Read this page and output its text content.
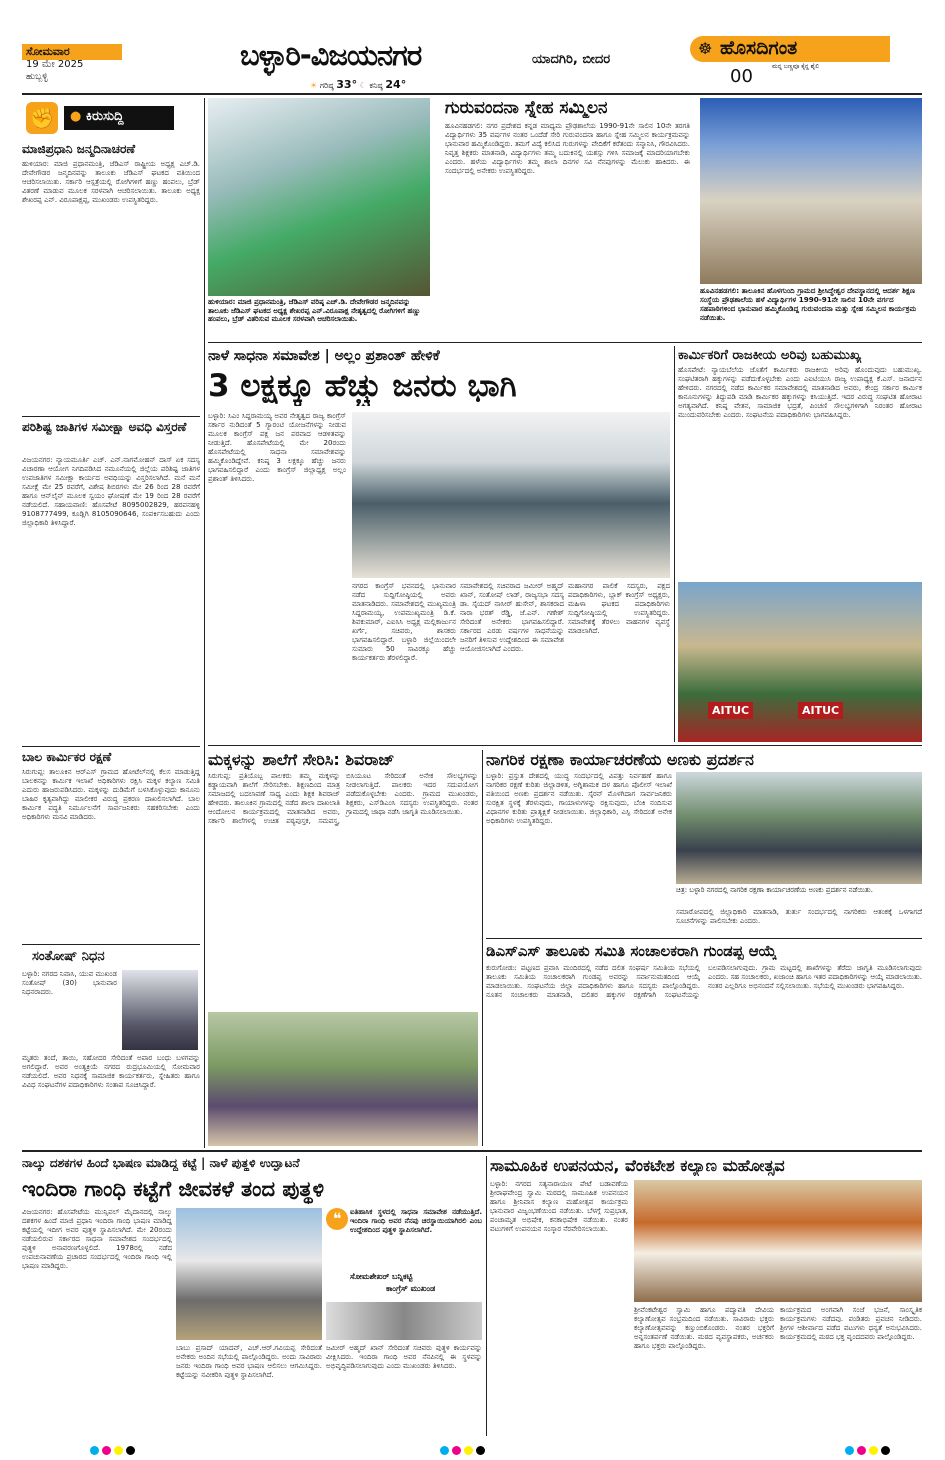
ಸೋಮವಾರ
19 ಮೇ 2025
ಹುಬ್ಬಳ್ಳಿ
ಬಳ್ಳಾರಿ-ವಿಜಯನಗರ	ಯಾದಗಿರಿ, ಬೀದರ
☀ ಗರಿಷ್ಠ 33° ☾ ಕನಿಷ್ಠ 24°
☸ ಹೊಸದಿಗಂತ
ಮನ್ನ ಬಣ್ಣವೂ ಕೈನ್ದ ಶೈಲಿ
00
✊	● ಕಿರುಸುದ್ದಿ
ಮಾಜಿಪ್ರಧಾನಿ ಜನ್ಮದಿನಾಚರಣೆ
ಹುಳಿಯಾರ: ಮಾಜಿ ಪ್ರಧಾನಮಂತ್ರಿ, ಜೆಡಿಎಸ್ ರಾಷ್ಟ್ರೀಯ ಅಧ್ಯಕ್ಷ ಎಚ್.ಡಿ. ದೇವೇಗೌಡರ ಜನ್ಮದಿನವನ್ನು ತಾಲೂಕು ಜೆಡಿಎಸ್ ಘಟಕದ ವತಿಯಿಂದ ಆಚರಿಸಲಾಯಿತು. ಸರ್ಕಾರಿ ಆಸ್ಪತ್ರೆಯಲ್ಲಿ ರೋಗಿಗಳಿಗೆ ಹಣ್ಣು ಹಂಪಲು, ಬ್ರೆಡ್ ವಿತರಣೆ ಮಾಡುವ ಮೂಲಕ ಸರಳವಾಗಿ ಆಚರಿಸಲಾಯಿತು. ತಾಲೂಕು ಅಧ್ಯಕ್ಷ ಶೇಖರಪ್ಪ ಎನ್. ವಿರೂಪಾಕ್ಷಪ್ಪ, ಮುಖಂಡರು ಉಪಸ್ಥಿತರಿದ್ದರು.
ಪರಿಶಿಷ್ಟ ಜಾತಿಗಳ ಸಮೀಕ್ಷಾ ಅವಧಿ ವಿಸ್ತರಣೆ
ವಿಜಯನಗರ: ನ್ಯಾಯಮೂರ್ತಿ ಎಚ್. ಎನ್.ನಾಗಮೋಹನ್ ದಾಸ್ ಏಕ ಸದಸ್ಯ ವಿಚಾರಣಾ ಆಯೋಗ ನಿಗದಿಪಡಿಸಿದ ನಮೂನೆಯಲ್ಲಿ ಜಿಲ್ಲೆಯ ಪರಿಶಿಷ್ಟ ಜಾತಿಗಳ ಉಪಜಾತಿಗಳ ಸಮೀಕ್ಷಾ ಕಾರ್ಯದ ಅವಧಿಯನ್ನು ವಿಸ್ತರಿಸಲಾಗಿದೆ. ಮನೆ ಮನೆ ಸಮೀಕ್ಷೆ ಮೇ 25 ರವರೆಗೆ, ವಿಶೇಷ ಶಿಬಿರಗಳು ಮೇ 26 ರಿಂದ 28 ರವರೆಗೆ ಹಾಗೂ ಆನ್‌ಲೈನ್ ಮೂಲಕ ಸ್ವಯಂ ಘೋಷಣೆ ಮೇ 19 ರಿಂದ 28 ರವರೆಗೆ ನಡೆಯಲಿದೆ. ಸಹಾಯವಾಣಿ: ಹೊಸಪೇಟೆ 8095002829, ಹರಪನಹಳ್ಳಿ 9108777499, ಕೂಡ್ಲಿಗಿ 8105090646, ಸಂಪರ್ಕಿಸಬಹುದು ಎಂದು ಜಿಲ್ಲಾಧಿಕಾರಿ ತಿಳಿಸಿದ್ದಾರೆ.
ಬಾಲ ಕಾರ್ಮಿಕರ ರಕ್ಷಣೆ
ಸಿರುಗುಪ್ಪ: ತಾಲೂಕಿನ ಆರ್‌ಎಸ್ ಗ್ರಾಮದ ಹೋಟೆಲ್‌ನಲ್ಲಿ ಕೆಲಸ ಮಾಡುತ್ತಿದ್ದ ಬಾಲಕನನ್ನು ಕಾರ್ಮಿಕ ಇಲಾಖೆ ಅಧಿಕಾರಿಗಳು ರಕ್ಷಿಸಿ ಮಕ್ಕಳ ಕಲ್ಯಾಣ ಸಮಿತಿ ಎದುರು ಹಾಜರುಪಡಿಸಿದರು. ಮಕ್ಕಳನ್ನು ದುಡಿಮೆಗೆ ಬಳಸಿಕೊಳ್ಳುವುದು ಕಾನೂನು ಬಾಹಿರ ಕೃತ್ಯವಾಗಿದ್ದು ಮಾಲೀಕರ ವಿರುದ್ಧ ಪ್ರಕರಣ ದಾಖಲಿಸಲಾಗಿದೆ. ಬಾಲ ಕಾರ್ಮಿಕ ಪದ್ಧತಿ ನಿರ್ಮೂಲನೆಗೆ ಸಾರ್ವಜನಿಕರು ಸಹಕರಿಸಬೇಕು ಎಂದು ಅಧಿಕಾರಿಗಳು ಮನವಿ ಮಾಡಿದರು.
ಸಂತೋಷ್ ನಿಧನ
ಬಳ್ಳಾರಿ: ನಗರದ ನಿವಾಸಿ, ಯುವ ಮುಖಂಡ ಸಂತೋಷ್ (30) ಭಾನುವಾರ ನಿಧನರಾದರು.
ಮೃತರು ತಂದೆ, ತಾಯಿ, ಸಹೋದರ ಸೇರಿದಂತೆ ಅಪಾರ ಬಂಧು ಬಳಗವನ್ನು ಅಗಲಿದ್ದಾರೆ. ಅವರ ಅಂತ್ಯಕ್ರಿಯೆ ನಗರದ ರುದ್ರಭೂಮಿಯಲ್ಲಿ ಸೋಮವಾರ ನಡೆಯಲಿದೆ. ಅವರ ನಿಧನಕ್ಕೆ ಸಾಮಾಜಿಕ ಕಾರ್ಯಕರ್ತರು, ಸ್ನೇಹಿತರು ಹಾಗೂ ವಿವಿಧ ಸಂಘಟನೆಗಳ ಪದಾಧಿಕಾರಿಗಳು ಸಂತಾಪ ಸೂಚಿಸಿದ್ದಾರೆ.
ಹುಳಿಯಾರ: ಮಾಜಿ ಪ್ರಧಾನಮಂತ್ರಿ, ಜೆಡಿಎಸ್ ವರಿಷ್ಠ ಎಚ್.ಡಿ. ದೇವೇಗೌಡರ ಜನ್ಮದಿನವನ್ನು ತಾಲೂಕು ಜೆಡಿಎಸ್ ಘಟಕದ ಅಧ್ಯಕ್ಷ ಶೇಖರಪ್ಪ ಎನ್.ವಿರೂಪಾಕ್ಷ ನೇತೃತ್ವದಲ್ಲಿ ರೋಗಿಗಳಿಗೆ ಹಣ್ಣು ಹಂಪಲು, ಬ್ರೆಡ್ ವಿತರಿಸುವ ಮೂಲಕ ಸರಳವಾಗಿ ಆಚರಿಸಲಾಯಿತು.
ಗುರುವಂದನಾ ಸ್ನೇಹ ಸಮ್ಮಿಲನ
ಹೂವಿನಹಡಗಲಿ: ನಗರ ಪ್ರದೇಶದ ಕನ್ನಡ ಮಾಧ್ಯಮ ಪ್ರೌಢಶಾಲೆಯ 1990-91ನೇ ಸಾಲಿನ 10ನೇ ತರಗತಿ ವಿದ್ಯಾರ್ಥಿಗಳು 35 ವರ್ಷಗಳ ನಂತರ ಒಂದೆಡೆ ಸೇರಿ ಗುರುವಂದನಾ ಹಾಗೂ ಸ್ನೇಹ ಸಮ್ಮಿಲನ ಕಾರ್ಯಕ್ರಮವನ್ನು ಭಾನುವಾರ ಹಮ್ಮಿಕೊಂಡಿದ್ದರು. ತಮಗೆ ವಿದ್ಯೆ ಕಲಿಸಿದ ಗುರುಗಳನ್ನು ವೇದಿಕೆಗೆ ಕರೆತಂದು ಸನ್ಮಾನಿಸಿ, ಗೌರವಿಸಿದರು. ನಿವೃತ್ತ ಶಿಕ್ಷಕರು ಮಾತನಾಡಿ, ವಿದ್ಯಾರ್ಥಿಗಳು ತಮ್ಮ ಬದುಕಿನಲ್ಲಿ ಯಶಸ್ಸು ಗಳಿಸಿ ಸಮಾಜಕ್ಕೆ ಮಾದರಿಯಾಗಬೇಕು ಎಂದರು. ಹಳೆಯ ವಿದ್ಯಾರ್ಥಿಗಳು ತಮ್ಮ ಶಾಲಾ ದಿನಗಳ ಸವಿ ನೆನಪುಗಳನ್ನು ಮೆಲುಕು ಹಾಕಿದರು. ಈ ಸಂದರ್ಭದಲ್ಲಿ ಅನೇಕರು ಉಪಸ್ಥಿತರಿದ್ದರು.
ಹೂವಿನಹಡಗಲಿ: ತಾಲೂಕಿನ ಹೊಳಗುಂದಿ ಗ್ರಾಮದ ಶ್ರೀಸಿದ್ಧೇಶ್ವರ ದೇವಸ್ಥಾನದಲ್ಲಿ ಆದರ್ಶ ಶಿಕ್ಷಣ ಸಂಸ್ಥೆಯ ಪ್ರೌಢಶಾಲೆಯ ಹಳೆ ವಿದ್ಯಾರ್ಥಿಗಳ 1990-91ನೇ ಸಾಲಿನ 10ನೇ ವರ್ಗದ ಸಹಪಾಠಿಗಳಿಂದ ಭಾನುವಾರ ಹಮ್ಮಿಕೊಂಡಿದ್ದ ಗುರುವಂದನಾ ಮತ್ತು ಸ್ನೇಹ ಸಮ್ಮಿಲನ ಕಾರ್ಯಕ್ರಮ ನಡೆಯಿತು.
ನಾಳೆ ಸಾಧನಾ ಸಮಾವೇಶ | ಅಲ್ಲಂ ಪ್ರಶಾಂತ್ ಹೇಳಿಕೆ
3 ಲಕ್ಷಕ್ಕೂ ಹೆಚ್ಚು ಜನರು ಭಾಗಿ
ಬಳ್ಳಾರಿ: ಸಿಎಂ ಸಿದ್ದರಾಮಯ್ಯ ಅವರ ನೇತೃತ್ವದ ರಾಜ್ಯ ಕಾಂಗ್ರೆಸ್ ಸರ್ಕಾರ ನುಡಿದಂತೆ 5 ಗ್ಯಾರಂಟಿ ಯೋಜನೆಗಳನ್ನು ನೀಡುವ ಮೂಲಕ ಕಾಂಗ್ರೆಸ್ ಪಕ್ಷ ಜನ ಪರವಾದ ಆಡಳಿತವನ್ನು ನೀಡುತ್ತಿದೆ. ಹೊಸಪೇಟೆಯಲ್ಲಿ ಮೇ 20ರಂದು ಹೊಸಪೇಟೆಯಲ್ಲಿ ಸಾಧನಾ ಸಮಾವೇಶವನ್ನು ಹಮ್ಮಿಕೊಂಡಿದ್ದೇವೆ. ಕನಿಷ್ಠ 3 ಲಕ್ಷಕ್ಕೂ ಹೆಚ್ಚು ಜನರು ಭಾಗವಹಿಸಲಿದ್ದಾರೆ ಎಂದು ಕಾಂಗ್ರೆಸ್ ಜಿಲ್ಲಾಧ್ಯಕ್ಷ ಅಲ್ಲಂ ಪ್ರಶಾಂತ್ ತಿಳಿಸಿದರು.
ನಗರದ ಕಾಂಗ್ರೆಸ್ ಭವನದಲ್ಲಿ ಭಾನುವಾರ ನಡೆದ ಸುದ್ದಿಗೋಷ್ಠಿಯಲ್ಲಿ ಅವರು ಮಾತನಾಡಿದರು. ಸಮಾವೇಶದಲ್ಲಿ ಮುಖ್ಯಮಂತ್ರಿ ಸಿದ್ದರಾಮಯ್ಯ, ಉಪಮುಖ್ಯಮಂತ್ರಿ ಡಿ.ಕೆ. ಶಿವಕುಮಾರ್, ಎಐಸಿಸಿ ಅಧ್ಯಕ್ಷ ಮಲ್ಲಿಕಾರ್ಜುನ ಖರ್ಗೆ, ಸಚಿವರು, ಶಾಸಕರು ಭಾಗವಹಿಸಲಿದ್ದಾರೆ. ಬಳ್ಳಾರಿ ಜಿಲ್ಲೆಯಿಂದಲೇ ಸುಮಾರು 50 ಸಾವಿರಕ್ಕೂ ಹೆಚ್ಚು ಕಾರ್ಯಕರ್ತರು ತೆರಳಲಿದ್ದಾರೆ.
ಸಮಾವೇಶದಲ್ಲಿ ಸಚಿವರಾದ ಜಮೀರ್ ಅಹ್ಮದ್ ಖಾನ್, ಸಂತೋಷ್ ಲಾಡ್, ರಾಜ್ಯಸಭಾ ಸದಸ್ಯ ಡಾ. ಸೈಯದ್ ನಾಸೀರ್ ಹುಸೇನ್, ಶಾಸಕರಾದ ನಾರಾ ಭರತ್ ರೆಡ್ಡಿ, ಜೆ.ಎನ್. ಗಣೇಶ್ ಸೇರಿದಂತೆ ಅನೇಕರು ಭಾಗವಹಿಸಲಿದ್ದಾರೆ. ಸರ್ಕಾರದ ಎರಡು ವರ್ಷಗಳ ಸಾಧನೆಯನ್ನು ಜನರಿಗೆ ತಿಳಿಸುವ ಉದ್ದೇಶದಿಂದ ಈ ಸಮಾವೇಶ ಆಯೋಜಿಸಲಾಗಿದೆ ಎಂದರು.
ಮಹಾನಗರ ಪಾಲಿಕೆ ಸದಸ್ಯರು, ಪಕ್ಷದ ಪದಾಧಿಕಾರಿಗಳು, ಬ್ಲಾಕ್ ಕಾಂಗ್ರೆಸ್ ಅಧ್ಯಕ್ಷರು, ಮಹಿಳಾ ಘಟಕದ ಪದಾಧಿಕಾರಿಗಳು ಸುದ್ದಿಗೋಷ್ಠಿಯಲ್ಲಿ ಉಪಸ್ಥಿತರಿದ್ದರು. ಸಮಾವೇಶಕ್ಕೆ ತೆರಳಲು ವಾಹನಗಳ ವ್ಯವಸ್ಥೆ ಮಾಡಲಾಗಿದೆ.
ಕಾರ್ಮಿಕರಿಗೆ ರಾಜಕೀಯ ಅರಿವು ಬಹುಮುಖ್ಯ
ಹೊಸಪೇಟೆ: ನ್ಯಾಯಬೆಲೆಯ ಜೊತೆಗೆ ಕಾರ್ಮಿಕರು ರಾಜಕೀಯ ಅರಿವು ಹೊಂದುವುದು ಬಹುಮುಖ್ಯ. ಸಂಘಟಿತರಾಗಿ ಹಕ್ಕುಗಳನ್ನು ಪಡೆದುಕೊಳ್ಳಬೇಕು ಎಂದು ಎಐಟಿಯುಸಿ ರಾಜ್ಯ ಉಪಾಧ್ಯಕ್ಷ ಕೆ.ಎಸ್. ಜನಾರ್ದನ ಹೇಳಿದರು. ನಗರದಲ್ಲಿ ನಡೆದ ಕಾರ್ಮಿಕರ ಸಮಾವೇಶದಲ್ಲಿ ಮಾತನಾಡಿದ ಅವರು, ಕೇಂದ್ರ ಸರ್ಕಾರ ಕಾರ್ಮಿಕ ಕಾನೂನುಗಳನ್ನು ತಿದ್ದುಪಡಿ ಮಾಡಿ ಕಾರ್ಮಿಕರ ಹಕ್ಕುಗಳನ್ನು ಕಸಿಯುತ್ತಿದೆ. ಇದರ ವಿರುದ್ಧ ಸಂಘಟಿತ ಹೋರಾಟ ಅಗತ್ಯವಾಗಿದೆ. ಕನಿಷ್ಠ ವೇತನ, ಸಾಮಾಜಿಕ ಭದ್ರತೆ, ಪಿಂಚಣಿ ಸೌಲಭ್ಯಗಳಿಗಾಗಿ ನಿರಂತರ ಹೋರಾಟ ಮುಂದುವರಿಸಬೇಕು ಎಂದರು. ಸಂಘಟನೆಯ ಪದಾಧಿಕಾರಿಗಳು ಭಾಗವಹಿಸಿದ್ದರು.
AITUC	AITUC
ಮಕ್ಕಳನ್ನು ಶಾಲೆಗೆ ಸೇರಿಸಿ: ಶಿವರಾಜ್
ಸಿರುಗುಪ್ಪ: ಪ್ರತಿಯೊಬ್ಬ ಪಾಲಕರು ತಮ್ಮ ಮಕ್ಕಳನ್ನು ಕಡ್ಡಾಯವಾಗಿ ಶಾಲೆಗೆ ಸೇರಿಸಬೇಕು. ಶಿಕ್ಷಣದಿಂದ ಮಾತ್ರ ಸಮಾಜದಲ್ಲಿ ಬದಲಾವಣೆ ಸಾಧ್ಯ ಎಂದು ಶಿಕ್ಷಕ ಶಿವರಾಜ್ ಹೇಳಿದರು. ತಾಲೂಕಿನ ಗ್ರಾಮದಲ್ಲಿ ನಡೆದ ಶಾಲಾ ದಾಖಲಾತಿ ಆಂದೋಲನ ಕಾರ್ಯಕ್ರಮದಲ್ಲಿ ಮಾತನಾಡಿದ ಅವರು, ಸರ್ಕಾರಿ ಶಾಲೆಗಳಲ್ಲಿ ಉಚಿತ ಪಠ್ಯಪುಸ್ತಕ, ಸಮವಸ್ತ್ರ, ಬಿಸಿಯೂಟ ಸೇರಿದಂತೆ ಅನೇಕ ಸೌಲಭ್ಯಗಳನ್ನು ನೀಡಲಾಗುತ್ತಿದೆ. ಪಾಲಕರು ಇದರ ಸದುಪಯೋಗ ಪಡೆದುಕೊಳ್ಳಬೇಕು ಎಂದರು. ಗ್ರಾಮದ ಮುಖಂಡರು, ಶಿಕ್ಷಕರು, ಎಸ್‌ಡಿಎಂಸಿ ಸದಸ್ಯರು ಉಪಸ್ಥಿತರಿದ್ದರು. ನಂತರ ಗ್ರಾಮದಲ್ಲಿ ಜಾಥಾ ನಡೆಸಿ ಜಾಗೃತಿ ಮೂಡಿಸಲಾಯಿತು.
ನಾಗರಿಕ ರಕ್ಷಣಾ ಕಾರ್ಯಾಚರಣೆಯ ಅಣಕು ಪ್ರದರ್ಶನ
ಬಳ್ಳಾರಿ: ಪ್ರಸ್ತುತ ದೇಶದಲ್ಲಿ ಯುದ್ಧ ಸಂದರ್ಭದಲ್ಲಿ ವಿಪತ್ತು ನಿರ್ವಹಣೆ ಹಾಗೂ ನಾಗರಿಕರ ರಕ್ಷಣೆ ಕುರಿತು ಜಿಲ್ಲಾಡಳಿತ, ಅಗ್ನಿಶಾಮಕ ದಳ ಹಾಗೂ ಪೊಲೀಸ್ ಇಲಾಖೆ ವತಿಯಿಂದ ಅಣಕು ಪ್ರದರ್ಶನ ನಡೆಯಿತು. ಸೈರನ್ ಮೊಳಗಿದಾಗ ಸಾರ್ವಜನಿಕರು ಸುರಕ್ಷಿತ ಸ್ಥಳಕ್ಕೆ ತೆರಳುವುದು, ಗಾಯಾಳುಗಳನ್ನು ರಕ್ಷಿಸುವುದು, ಬೆಂಕಿ ನಂದಿಸುವ ವಿಧಾನಗಳ ಕುರಿತು ಪ್ರಾತ್ಯಕ್ಷಿಕೆ ನೀಡಲಾಯಿತು. ಜಿಲ್ಲಾಧಿಕಾರಿ, ಎಸ್ಪಿ ಸೇರಿದಂತೆ ಅನೇಕ ಅಧಿಕಾರಿಗಳು ಉಪಸ್ಥಿತರಿದ್ದರು.
ಚಿತ್ರ: ಬಳ್ಳಾರಿ ನಗರದಲ್ಲಿ ನಾಗರಿಕ ರಕ್ಷಣಾ ಕಾರ್ಯಾಚರಣೆಯ ಅಣಕು ಪ್ರದರ್ಶನ ನಡೆಯಿತು.
ಸಮಾರೋಪದಲ್ಲಿ ಜಿಲ್ಲಾಧಿಕಾರಿ ಮಾತನಾಡಿ, ತುರ್ತು ಸಂದರ್ಭದಲ್ಲಿ ನಾಗರಿಕರು ಆತಂಕಕ್ಕೆ ಒಳಗಾಗದೆ ಸೂಚನೆಗಳನ್ನು ಪಾಲಿಸಬೇಕು ಎಂದರು.
ಡಿಎಸ್‌ಎಸ್ ತಾಲೂಕು ಸಮಿತಿ ಸಂಚಾಲಕರಾಗಿ ಗುಂಡಪ್ಪ ಆಯ್ಕೆ
ಕುರುಗೋಡು: ಪಟ್ಟಣದ ಪ್ರವಾಸಿ ಮಂದಿರದಲ್ಲಿ ನಡೆದ ದಲಿತ ಸಂಘರ್ಷ ಸಮಿತಿಯ ಸಭೆಯಲ್ಲಿ ತಾಲೂಕು ಸಮಿತಿಯ ಸಂಚಾಲಕರಾಗಿ ಗುಂಡಪ್ಪ ಅವರನ್ನು ಸರ್ವಾನುಮತದಿಂದ ಆಯ್ಕೆ ಮಾಡಲಾಯಿತು. ಸಂಘಟನೆಯ ಜಿಲ್ಲಾ ಪದಾಧಿಕಾರಿಗಳು ಹಾಗೂ ಸದಸ್ಯರು ಪಾಲ್ಗೊಂಡಿದ್ದರು. ನೂತನ ಸಂಚಾಲಕರು ಮಾತನಾಡಿ, ದಲಿತರ ಹಕ್ಕುಗಳ ರಕ್ಷಣೆಗಾಗಿ ಸಂಘಟನೆಯನ್ನು ಬಲಪಡಿಸಲಾಗುವುದು. ಗ್ರಾಮ ಮಟ್ಟದಲ್ಲಿ ಶಾಖೆಗಳನ್ನು ತೆರೆದು ಜಾಗೃತಿ ಮೂಡಿಸಲಾಗುವುದು ಎಂದರು. ಸಹ ಸಂಚಾಲಕರು, ಖಜಾಂಚಿ ಹಾಗೂ ಇತರ ಪದಾಧಿಕಾರಿಗಳನ್ನು ಆಯ್ಕೆ ಮಾಡಲಾಯಿತು. ನಂತರ ಎಲ್ಲರಿಗೂ ಅಭಿನಂದನೆ ಸಲ್ಲಿಸಲಾಯಿತು. ಸಭೆಯಲ್ಲಿ ಮುಖಂಡರು ಭಾಗವಹಿಸಿದ್ದರು.
ನಾಲ್ಕು ದಶಕಗಳ ಹಿಂದೆ ಭಾಷಣ ಮಾಡಿದ್ದ ಕಟ್ಟೆ | ನಾಳೆ ಪುತ್ಥಳಿ ಉದ್ಘಾಟನೆ
ಇಂದಿರಾ ಗಾಂಧಿ ಕಟ್ಟೆಗೆ ಜೀವಕಳೆ ತಂದ ಪುತ್ಥಳಿ
ವಿಜಯನಗರ: ಹೊಸಪೇಟೆಯ ಮುನ್ಸಿಪಲ್ ಮೈದಾನದಲ್ಲಿ ನಾಲ್ಕು ದಶಕಗಳ ಹಿಂದೆ ಮಾಜಿ ಪ್ರಧಾನಿ ಇಂದಿರಾ ಗಾಂಧಿ ಭಾಷಣ ಮಾಡಿದ್ದ ಕಟ್ಟೆಯಲ್ಲಿ ಇದೀಗ ಅವರ ಪುತ್ಥಳಿ ಸ್ಥಾಪಿಸಲಾಗಿದೆ. ಮೇ 20ರಂದು ನಡೆಯಲಿರುವ ಸರ್ಕಾರದ ಸಾಧನಾ ಸಮಾವೇಶದ ಸಂದರ್ಭದಲ್ಲಿ ಪುತ್ಥಳಿ ಅನಾವರಣಗೊಳ್ಳಲಿದೆ. 1978ರಲ್ಲಿ ನಡೆದ ಉಪಚುನಾವಣೆಯ ಪ್ರಚಾರದ ಸಂದರ್ಭದಲ್ಲಿ ಇಂದಿರಾ ಗಾಂಧಿ ಇಲ್ಲಿ ಭಾಷಣ ಮಾಡಿದ್ದರು.
❝	ಐತಿಹಾಸಿಕ ಸ್ಥಳದಲ್ಲಿ ಸಾಧನಾ ಸಮಾವೇಶ ನಡೆಯುತ್ತಿದೆ. ಇಂದಿರಾ ಗಾಂಧಿ ಅವರ ನೆನಪು ಚಿರಸ್ಥಾಯಿಯಾಗಿರಲಿ ಎಂಬ ಉದ್ದೇಶದಿಂದ ಪುತ್ಥಳಿ ಸ್ಥಾಪಿಸಲಾಗಿದೆ.
ಸೋಮಶೇಖರ್ ಬನ್ನಿಕಟ್ಟಿ
ಕಾಂಗ್ರೆಸ್ ಮುಖಂಡ
ಬಾಬು ಪ್ರಸಾದ್ ಯಾದವ್, ಎಚ್.ಆರ್.ಗವಿಯಪ್ಪ ಸೇರಿದಂತೆ ಅನೇಕರು ಅಂದಿನ ಸಭೆಯಲ್ಲಿ ಪಾಲ್ಗೊಂಡಿದ್ದರು. ಅಂದು ಸಾವಿರಾರು ಜನರು ಇಂದಿರಾ ಗಾಂಧಿ ಅವರ ಭಾಷಣ ಆಲಿಸಲು ಆಗಮಿಸಿದ್ದರು. ಕಟ್ಟೆಯನ್ನು ನವೀಕರಿಸಿ ಪುತ್ಥಳಿ ಸ್ಥಾಪಿಸಲಾಗಿದೆ.
ಜಮೀರ್ ಅಹ್ಮದ್ ಖಾನ್ ಸೇರಿದಂತೆ ಸಚಿವರು ಪುತ್ಥಳಿ ಕಾರ್ಯವನ್ನು ವೀಕ್ಷಿಸಿದರು. ಇಂದಿರಾ ಗಾಂಧಿ ಅವರ ನೆನಪಿನಲ್ಲಿ ಈ ಸ್ಥಳವನ್ನು ಅಭಿವೃದ್ಧಿಪಡಿಸಲಾಗುವುದು ಎಂದು ಮುಖಂಡರು ತಿಳಿಸಿದರು.
ಸಾಮೂಹಿಕ ಉಪನಯನ, ವೆಂಕಟೇಶ ಕಲ್ಯಾಣ ಮಹೋತ್ಸವ
ಬಳ್ಳಾರಿ: ನಗರದ ಸತ್ಯನಾರಾಯಣ ಪೇಟೆ ಬಡಾವಣೆಯ ಶ್ರೀರಾಘವೇಂದ್ರ ಸ್ವಾಮಿ ಮಠದಲ್ಲಿ ಸಾಮೂಹಿಕ ಉಪನಯನ ಹಾಗೂ ಶ್ರೀನಿವಾಸ ಕಲ್ಯಾಣ ಮಹೋತ್ಸವ ಕಾರ್ಯಕ್ರಮ ಭಾನುವಾರ ವಿಜೃಂಭಣೆಯಿಂದ ನಡೆಯಿತು. ಬೆಳಗ್ಗೆ ಸುಪ್ರಭಾತ, ಪಂಚಾಮೃತ ಅಭಿಷೇಕ, ಕನಕಾಭಿಷೇಕ ನಡೆಯಿತು. ನಂತರ ವಟುಗಳಿಗೆ ಉಪನಯನ ಸಂಸ್ಕಾರ ನೆರವೇರಿಸಲಾಯಿತು.
ಶ್ರೀವೆಂಕಟೇಶ್ವರ ಸ್ವಾಮಿ ಹಾಗೂ ಪದ್ಮಾವತಿ ದೇವಿಯ ಕಲ್ಯಾಣೋತ್ಸವ ಸಂಭ್ರಮದಿಂದ ನಡೆಯಿತು. ಸಾವಿರಾರು ಭಕ್ತರು ಕಲ್ಯಾಣೋತ್ಸವವನ್ನು ಕಣ್ತುಂಬಿಕೊಂಡರು. ನಂತರ ಭಕ್ತರಿಗೆ ಅನ್ನಸಂತರ್ಪಣೆ ನಡೆಯಿತು. ಮಠದ ವ್ಯವಸ್ಥಾಪಕರು, ಅರ್ಚಕರು ಹಾಗೂ ಭಕ್ತರು ಪಾಲ್ಗೊಂಡಿದ್ದರು.
ಕಾರ್ಯಕ್ರಮದ ಅಂಗವಾಗಿ ಸಂಜೆ ಭಜನೆ, ಸಾಂಸ್ಕೃತಿಕ ಕಾರ್ಯಕ್ರಮಗಳು ನಡೆದವು. ಪಂಡಿತರು ಪ್ರವಚನ ನೀಡಿದರು. ಶ್ರೀಗಳ ಆಶೀರ್ವಾದ ಪಡೆದ ವಟುಗಳು ಧನ್ಯತೆ ಅನುಭವಿಸಿದರು. ಕಾರ್ಯಕ್ರಮದಲ್ಲಿ ಮಠದ ಭಕ್ತ ವೃಂದದವರು ಪಾಲ್ಗೊಂಡಿದ್ದರು.
